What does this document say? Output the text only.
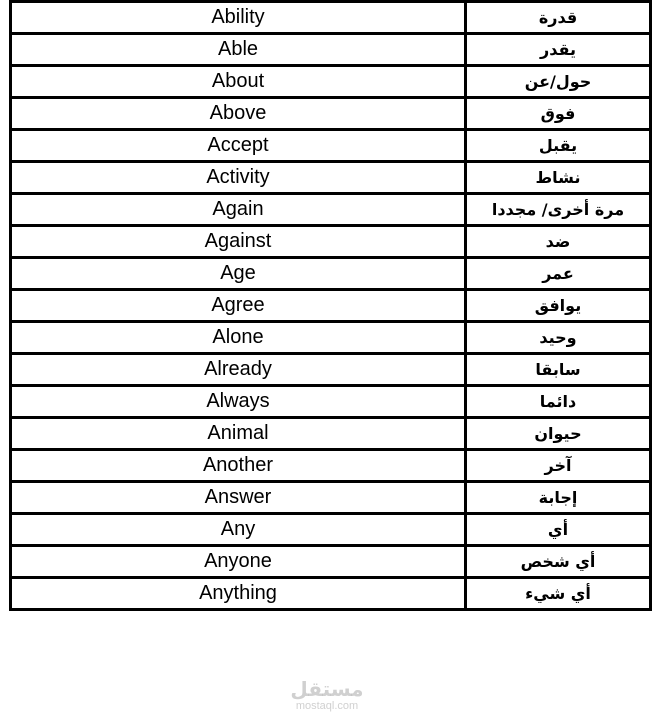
Ability	قدرة
Able	يقدر
About	حول/عن
Above	فوق
Accept	يقبل
Activity	نشاط
Again	مرة أخرى/ مجددا
Against	ضد
Age	عمر
Agree	يوافق
Alone	وحيد
Already	سابقا
Always	دائما
Animal	حيوان
Another	آخر
Answer	إجابة
Any	أي
Anyone	أي شخص
Anything	أي شيء
مستقل
mostaql.com
